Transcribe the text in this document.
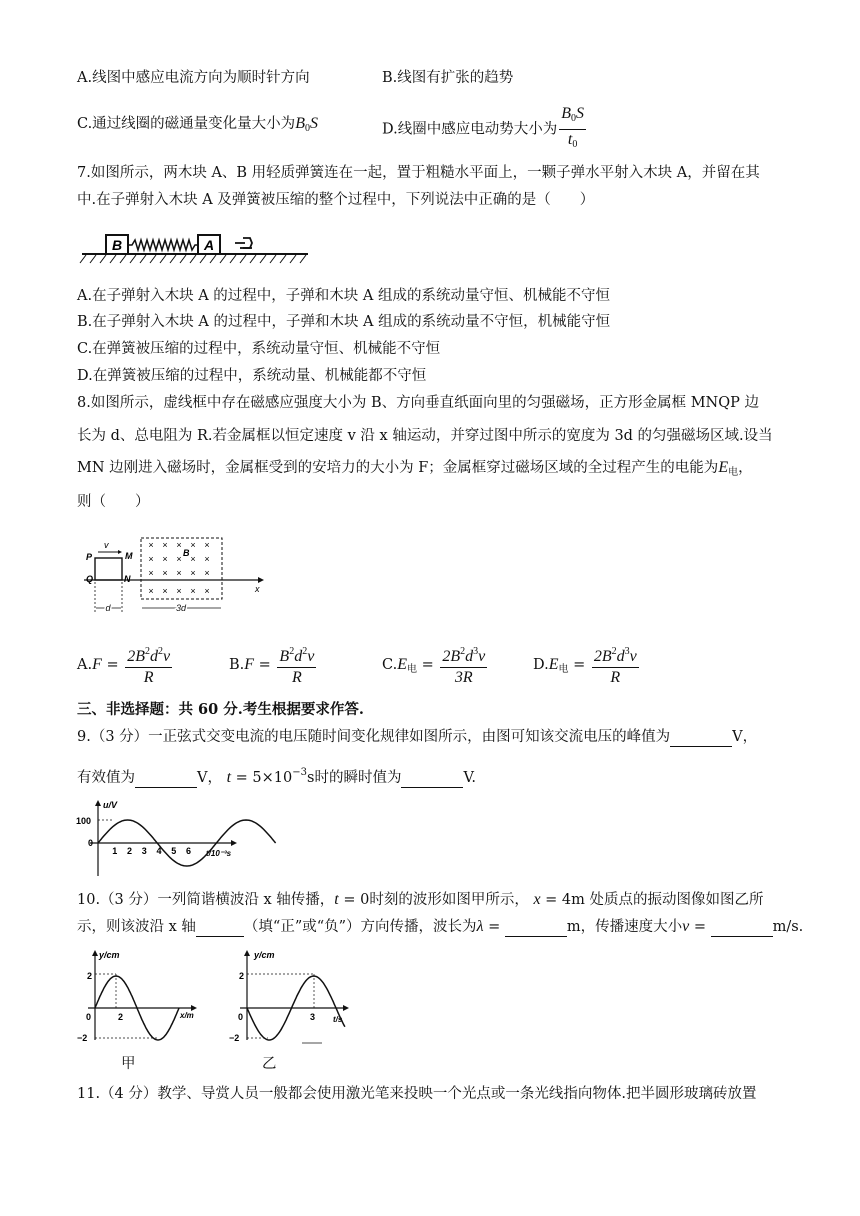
A.线图中感应电流方向为顺时针方向	B.线图有扩张的趋势
C.通过线圈的磁通量变化量大小为$B_0S$	D.线圈中感应电动势大小为 $\frac{B_0S}{t_0}$
7.如图所示，两木块 A、B 用轻质弹簧连在一起，置于粗糙水平面上，一颗子弹水平射入木块 A，并留在其
中.在子弹射入木块 A 及弹簧被压缩的整个过程中，下列说法中正确的是（　　）
B	A
A.在子弹射入木块 A 的过程中，子弹和木块 A 组成的系统动量守恒、机械能不守恒
B.在子弹射入木块 A 的过程中，子弹和木块 A 组成的系统动量不守恒，机械能守恒
C.在弹簧被压缩的过程中，系统动量守恒、机械能不守恒
D.在弹簧被压缩的过程中，系统动量、机械能都不守恒
8.如图所示，虚线框中存在磁感应强度大小为 B、方向垂直纸面向里的匀强磁场，正方形金属框 MNQP 边
长为 d、总电阻为 R.若金属框以恒定速度 v 沿 x 轴运动，并穿过图中所示的宽度为 3d 的匀强磁场区域.设当
MN 边刚进入磁场时，金属框受到的安培力的大小为 F；金属框穿过磁场区域的全过程产生的电能为$E_电$，
则（　　）
x
P	M
Q	N
v	× × × × ×
× × × × ×
× × × × ×
× × × × ×
B
d	3d
$A.F = \frac{2B^2d^2v}{R}$	$B.F = \frac{B^2d^2v}{R}$	$C.E_电 = \frac{2B^2d^3v}{3R}$	$D.E_电 = \frac{2B^2d^3v}{R}$
三、非选择题：共 60 分.考生根据要求作答.
9.（3 分）一正弦式交变电流的电压随时间变化规律如图所示，由图可知该交流电压的峰值为	V，
有效值为	V， $t = 5\times 10^{-3}s$时的瞬时值为	V.
u/V
t/10⁻³s
100
0
1 2 3 4 5 6
10.（3 分）一列简谐横波沿 x 轴传播，t = 0时刻的波形如图甲所示， x = 4m 处质点的振动图像如图乙所
示，则该波沿 x 轴	（填“正”或“负”）方向传播，波长为λ =	m，传播速度大小v =	m/s.
y/cm
x/m
2
0
−2
2
甲
y/cm
t/s
2
0
−2
3
乙
11.（4 分）教学、导赏人员一般都会使用激光笔来投映一个光点或一条光线指向物体.把半圆形玻璃砖放置
